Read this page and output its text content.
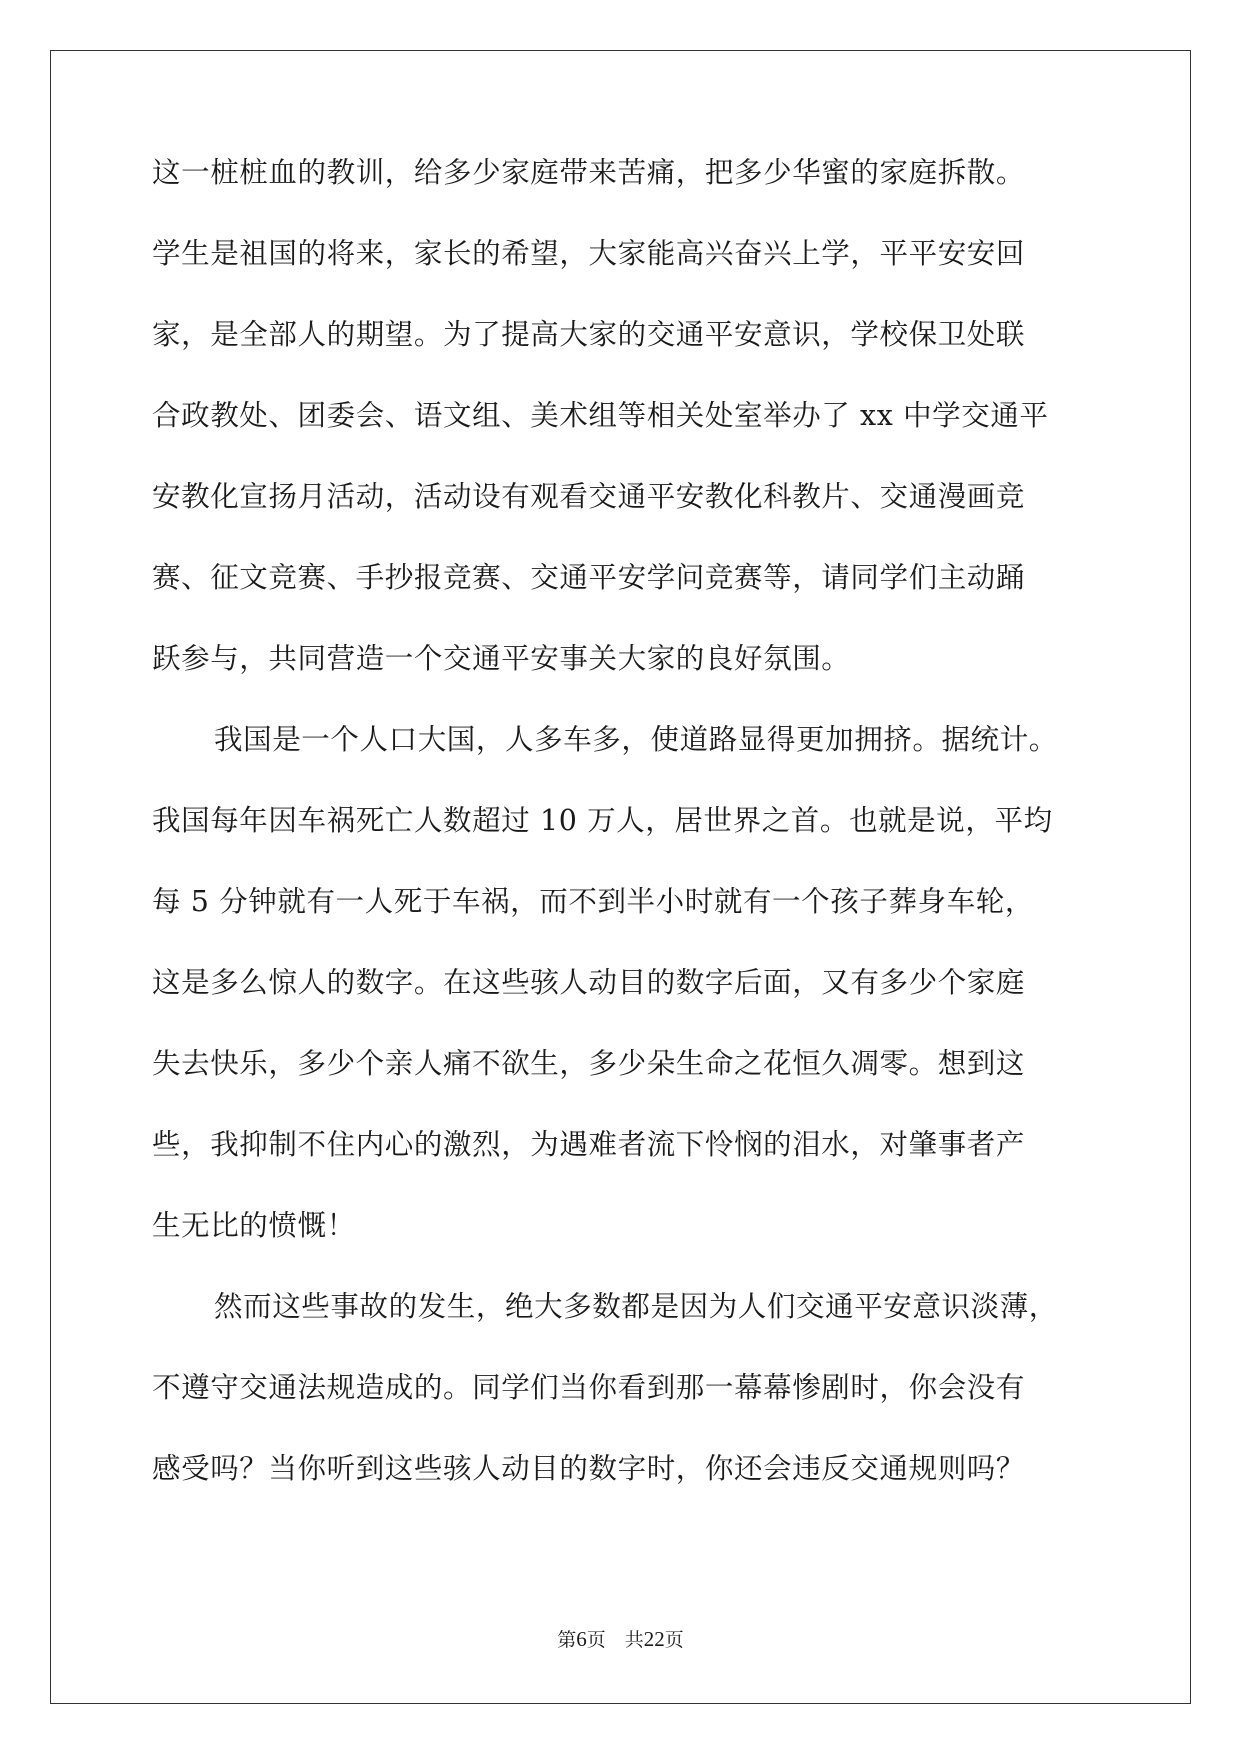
这一桩桩血的教训，给多少家庭带来苦痛，把多少华蜜的家庭拆散。
学生是祖国的将来，家长的希望，大家能高兴奋兴上学，平平安安回
家，是全部人的期望。为了提高大家的交通平安意识，学校保卫处联
合政教处、团委会、语文组、美术组等相关处室举办了 xx 中学交通平
安教化宣扬月活动，活动设有观看交通平安教化科教片、交通漫画竞
赛、征文竞赛、手抄报竞赛、交通平安学问竞赛等，请同学们主动踊
跃参与，共同营造一个交通平安事关大家的良好氛围。
我国是一个人口大国，人多车多，使道路显得更加拥挤。据统计。
我国每年因车祸死亡人数超过 10 万人，居世界之首。也就是说，平均
每 5 分钟就有一人死于车祸，而不到半小时就有一个孩子葬身车轮，
这是多么惊人的数字。在这些骇人动目的数字后面，又有多少个家庭
失去快乐，多少个亲人痛不欲生，多少朵生命之花恒久凋零。想到这
些，我抑制不住内心的激烈，为遇难者流下怜悯的泪水，对肇事者产
生无比的愤慨！
然而这些事故的发生，绝大多数都是因为人们交通平安意识淡薄，
不遵守交通法规造成的。同学们当你看到那一幕幕惨剧时，你会没有
感受吗？当你听到这些骇人动目的数字时，你还会违反交通规则吗？
第6页    共22页
